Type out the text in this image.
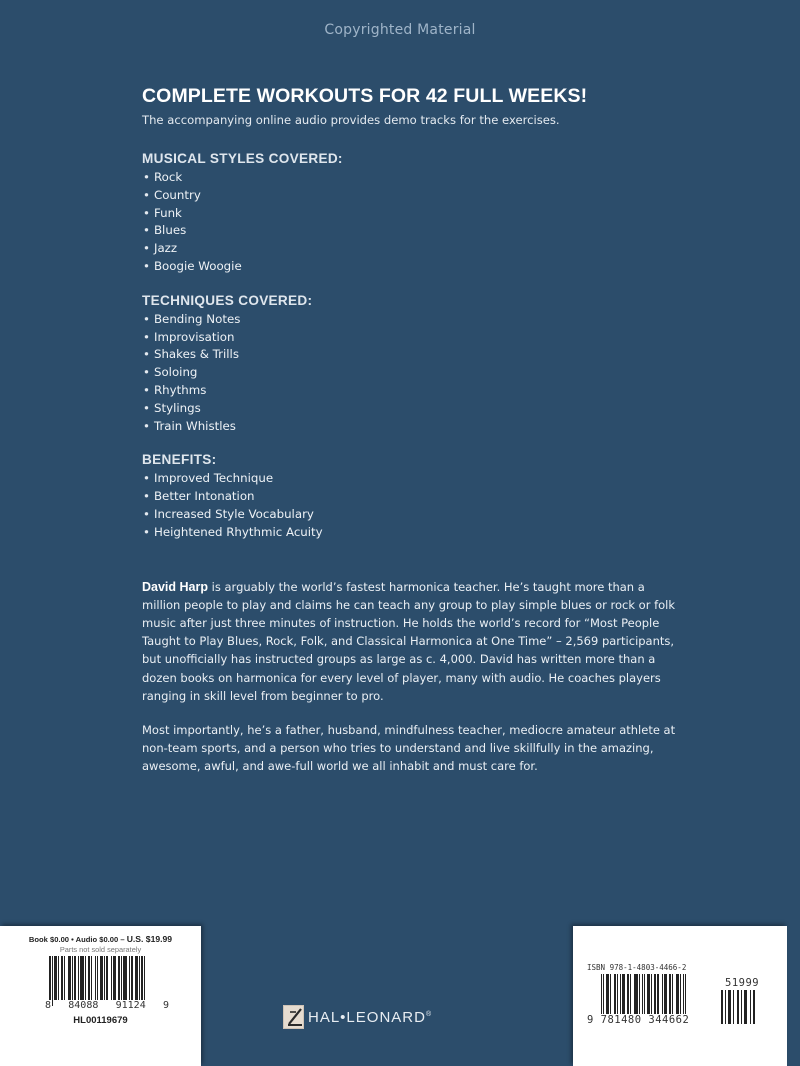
Copyrighted Material
COMPLETE WORKOUTS FOR 42 FULL WEEKS!

The accompanying online audio provides demo tracks for the exercises.

MUSICAL STYLES COVERED:
• Rock
• Country
• Funk
• Blues
• Jazz
• Boogie Woogie
TECHNIQUES COVERED:
• Bending Notes
• Improvisation
• Shakes & Trills
• Soloing
• Rhythms
• Stylings
• Train Whistles
BENEFITS:
• Improved Technique
• Better Intonation
• Increased Style Vocabulary
• Heightened Rhythmic Acuity

David Harp is arguably the world’s fastest harmonica teacher. He’s taught more than a million people to play and claims he can teach any group to play simple blues or rock or folk music after just three minutes of instruction. He holds the world’s record for “Most People Taught to Play Blues, Rock, Folk, and Classical Harmonica at One Time” – 2,569 participants, but unofficially has instructed groups as large as c. 4,000. David has written more than a dozen books on harmonica for every level of player, many with audio. He coaches players ranging in skill level from beginner to pro.

Most importantly, he’s a father, husband, mindfulness teacher, mediocre amateur athlete at non-team sports, and a person who tries to understand and live skillfully in the amazing, awesome, awful, and awe-full world we all inhabit and must care for.

Book $0.00 • Audio $0.00 – U.S. $19.99
Parts not sold separately
8 84088 91124 9
HL00119679	HAL•LEONARD®
ISBN 978-1-4803-4466-2
9 781480 344662
51999
